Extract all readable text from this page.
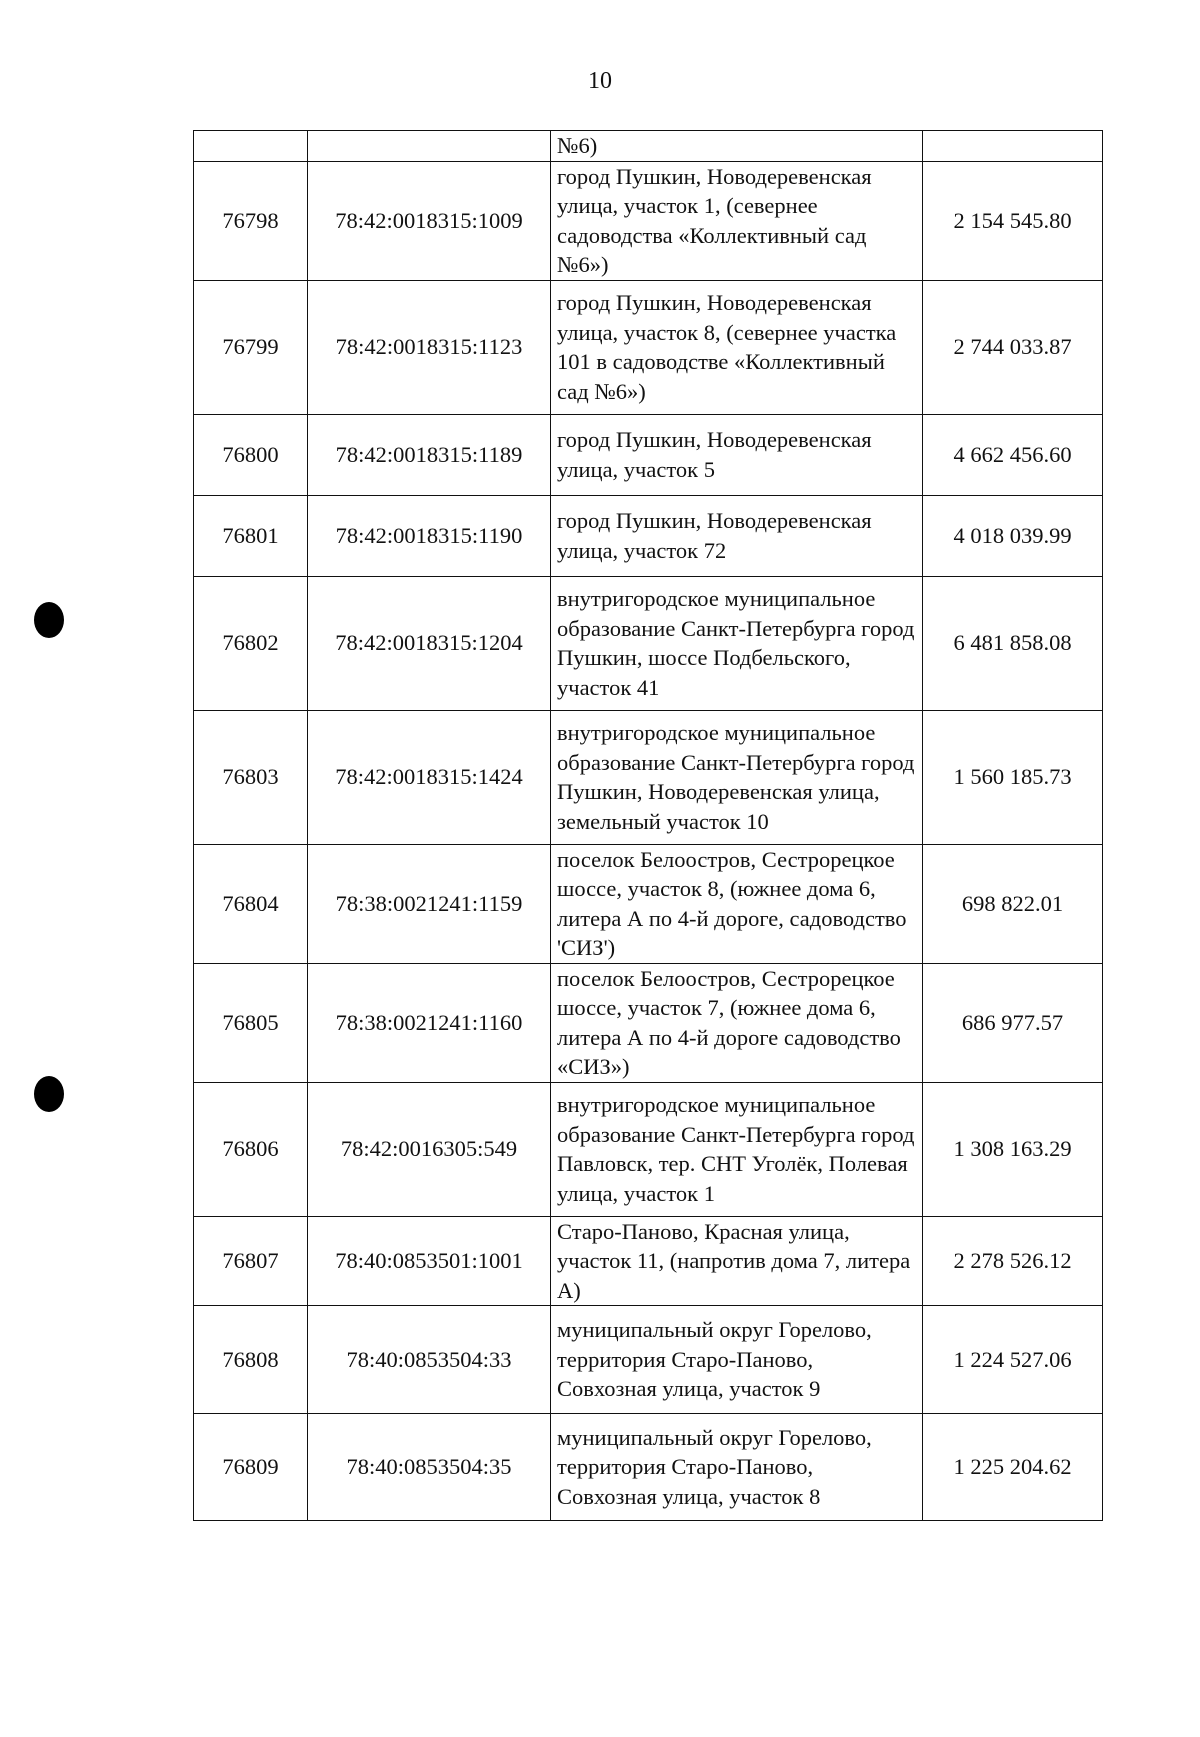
10
		№6)	
76798	78:42:0018315:1009	город Пушкин, Новодеревенская улица, участок 1, (севернее садоводства «Коллективный сад №6»)	2 154 545.80
76799	78:42:0018315:1123	город Пушкин, Новодеревенская улица, участок 8, (севернее участка 101 в садоводстве «Коллективный сад №6»)	2 744 033.87
76800	78:42:0018315:1189	город Пушкин, Новодеревенская улица, участок 5	4 662 456.60
76801	78:42:0018315:1190	город Пушкин, Новодеревенская улица, участок 72	4 018 039.99
76802	78:42:0018315:1204	внутригородское муниципальное образование Санкт-Петербурга город Пушкин, шоссе Подбельского, участок 41	6 481 858.08
76803	78:42:0018315:1424	внутригородское муниципальное образование Санкт-Петербурга город Пушкин, Новодеревенская улица, земельный участок 10	1 560 185.73
76804	78:38:0021241:1159	поселок Белоостров, Сестрорецкое шоссе, участок 8, (южнее дома 6, литера А по 4-й дороге, садоводство 'СИЗ')	698 822.01
76805	78:38:0021241:1160	поселок Белоостров, Сестрорецкое шоссе, участок 7, (южнее дома 6, литера А по 4-й дороге садоводство «СИЗ»)	686 977.57
76806	78:42:0016305:549	внутригородское муниципальное образование Санкт-Петербурга город Павловск, тер. СНТ Уголёк, Полевая улица, участок 1	1 308 163.29
76807	78:40:0853501:1001	Старо-Паново, Красная улица, участок 11, (напротив дома 7, литера А)	2 278 526.12
76808	78:40:0853504:33	муниципальный округ Горелово, территория Старо-Паново, Совхозная улица, участок 9	1 224 527.06
76809	78:40:0853504:35	муниципальный округ Горелово, территория Старо-Паново, Совхозная улица, участок 8	1 225 204.62
